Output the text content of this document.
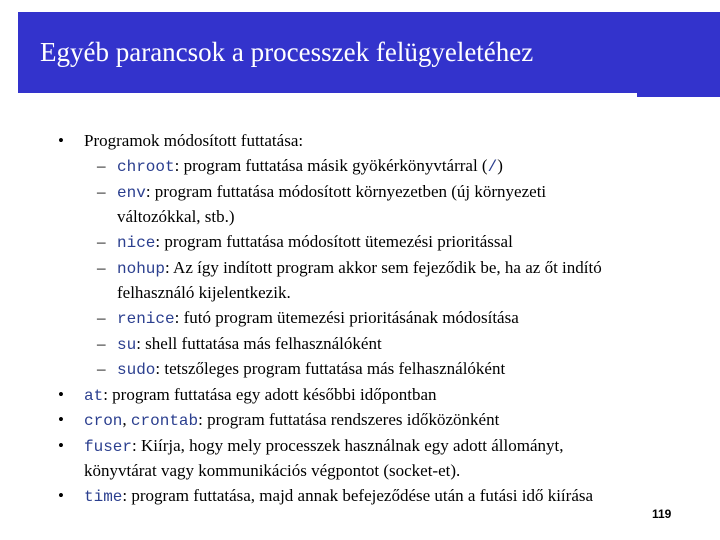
Egyéb parancsok a processzek felügyeletéhez
• Programok módosított futtatása:
– chroot: program futtatása másik gyökérkönyvtárral (/)
– env: program futtatása módosított környezetben (új környezeti
változókkal, stb.)
– nice: program futtatása módosított ütemezési prioritással
– nohup: Az így indított program akkor sem fejeződik be, ha az őt indító
felhasználó kijelentkezik.
– renice: futó program ütemezési prioritásának módosítása
– su: shell futtatása más felhasználóként
– sudo: tetszőleges program futtatása más felhasználóként
• at: program futtatása egy adott későbbi időpontban
• cron, crontab: program futtatása rendszeres időközönként
• fuser: Kiírja, hogy mely processzek használnak egy adott állományt,
könyvtárat vagy kommunikációs végpontot (socket-et).
• time: program futtatása, majd annak befejeződése után a futási idő kiírása
119
